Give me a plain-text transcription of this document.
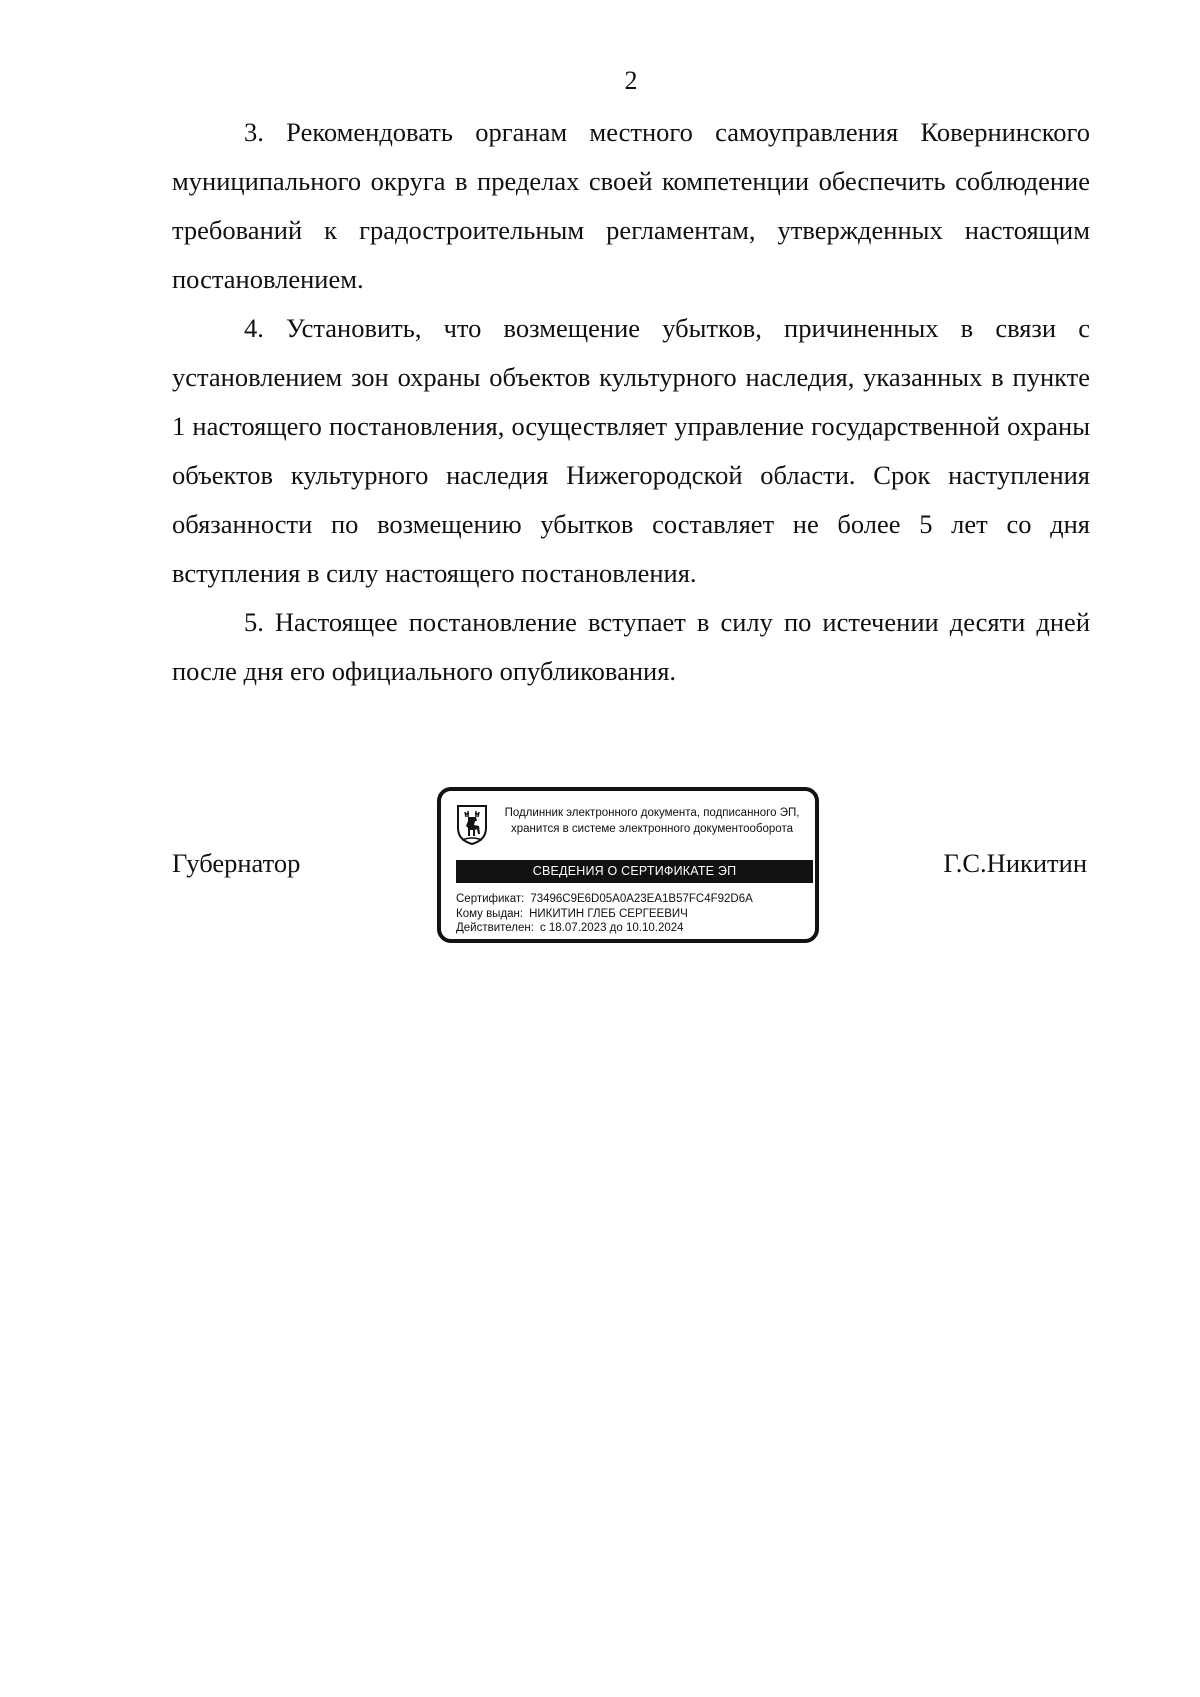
2

3. Рекомендовать органам местного самоуправления Ковернинского муниципального округа в пределах своей компетенции обеспечить соблюдение требований к градостроительным регламентам, утвержденных настоящим постановлением.

4. Установить, что возмещение убытков, причиненных в связи с установлением зон охраны объектов культурного наследия, указанных в пункте 1 настоящего постановления, осуществляет управление государственной охраны объектов культурного наследия Нижегородской области. Срок наступления обязанности по возмещению убытков составляет не более 5 лет со дня вступления в силу настоящего постановления.

5. Настоящее постановление вступает в силу по истечении десяти дней после дня его официального опубликования.

Губернатор
Подлинник электронного документа, подписанного ЭП,
хранится в системе электронного документооборота
СВЕДЕНИЯ О СЕРТИФИКАТЕ ЭП
Сертификат: 73496C9E6D05A0A23EA1B57FC4F92D6A
Кому выдан: НИКИТИН ГЛЕБ СЕРГЕЕВИЧ
Действителен: с 18.07.2023 до 10.10.2024
Г.С.Никитин
